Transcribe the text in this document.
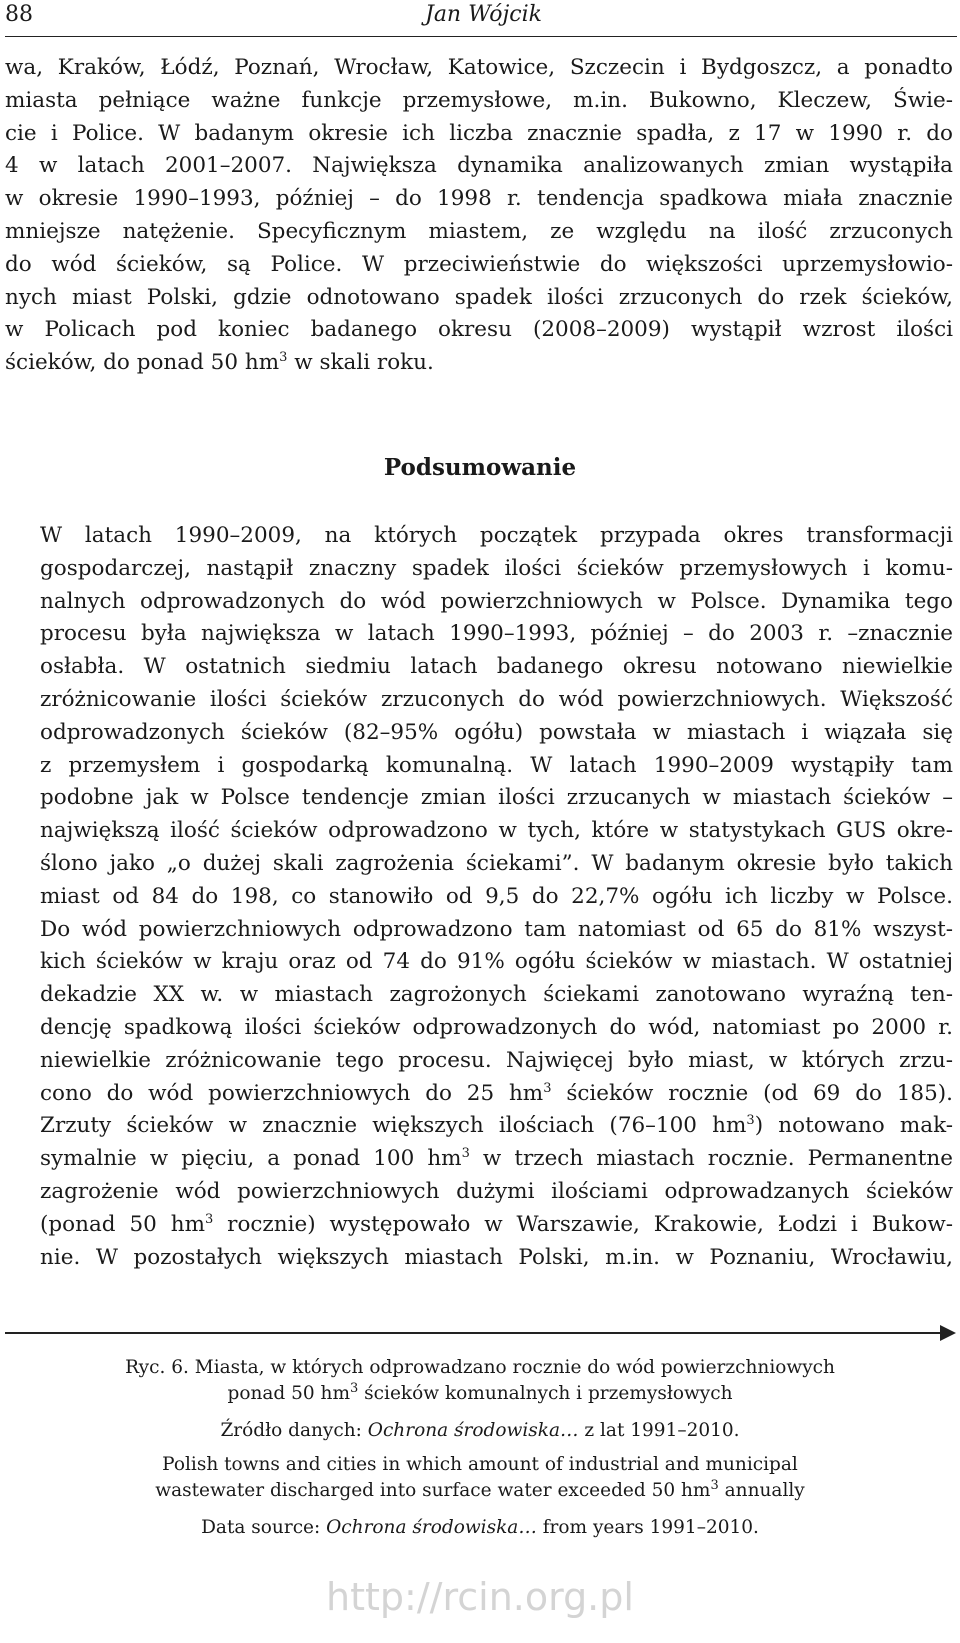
88	Jan Wójcik
wa, Kraków, Łódź, Poznań, Wrocław, Katowice, Szczecin i Bydgoszcz, a ponadto
miasta pełniące ważne funkcje przemysłowe, m.in. Bukowno, Kleczew, Świe-
cie i Police. W badanym okresie ich liczba znacznie spadła, z 17 w 1990 r. do
4 w latach 2001–2007. Największa dynamika analizowanych zmian wystąpiła
w okresie 1990–1993, później – do 1998 r. tendencja spadkowa miała znacznie
mniejsze natężenie. Specyficznym miastem, ze względu na ilość zrzuconych
do wód ścieków, są Police. W przeciwieństwie do większości uprzemysłowio-
nych miast Polski, gdzie odnotowano spadek ilości zrzuconych do rzek ścieków,
w Policach pod koniec badanego okresu (2008–2009) wystąpił wzrost ilości
ścieków, do ponad 50 $hm^3$ w skali roku.
Podsumowanie
W latach 1990–2009, na których początek przypada okres transformacji
gospodarczej, nastąpił znaczny spadek ilości ścieków przemysłowych i komu-
nalnych odprowadzonych do wód powierzchniowych w Polsce. Dynamika tego
procesu była największa w latach 1990–1993, później – do 2003 r. –znacznie
osłabła. W ostatnich siedmiu latach badanego okresu notowano niewielkie
zróżnicowanie ilości ścieków zrzuconych do wód powierzchniowych. Większość
odprowadzonych ścieków (82–95% ogółu) powstała w miastach i wiązała się
z przemysłem i gospodarką komunalną. W latach 1990–2009 wystąpiły tam
podobne jak w Polsce tendencje zmian ilości zrzucanych w miastach ścieków –
największą ilość ścieków odprowadzono w tych, które w statystykach GUS okre-
ślono jako „o dużej skali zagrożenia ściekami”. W badanym okresie było takich
miast od 84 do 198, co stanowiło od 9,5 do 22,7% ogółu ich liczby w Polsce.
Do wód powierzchniowych odprowadzono tam natomiast od 65 do 81% wszyst-
kich ścieków w kraju oraz od 74 do 91% ogółu ścieków w miastach. W ostatniej
dekadzie XX w. w miastach zagrożonych ściekami zanotowano wyraźną ten-
dencję spadkową ilości ścieków odprowadzonych do wód, natomiast po 2000 r.
niewielkie zróżnicowanie tego procesu. Najwięcej było miast, w których zrzu-
cono do wód powierzchniowych do 25 $hm^3$ ścieków rocznie (od 69 do 185).
Zrzuty ścieków w znacznie większych ilościach (76–100 $hm^3$) notowano mak-
symalnie w pięciu, a ponad 100 $hm^3$ w trzech miastach rocznie. Permanentne
zagrożenie wód powierzchniowych dużymi ilościami odprowadzanych ścieków
(ponad 50 $hm^3$ rocznie) występowało w Warszawie, Krakowie, Łodzi i Bukow-
nie. W pozostałych większych miastach Polski, m.in. w Poznaniu, Wrocławiu,
Ryc. 6. Miasta, w których odprowadzano rocznie do wód powierzchniowych
ponad 50 $hm^3$ ścieków komunalnych i przemysłowych
Źródło danych: Ochrona środowiska… z lat 1991–2010.
Polish towns and cities in which amount of industrial and municipal
wastewater discharged into surface water exceeded 50 $hm^3$ annually
Data source: Ochrona środowiska… from years 1991–2010.
http://rcin.org.pl
